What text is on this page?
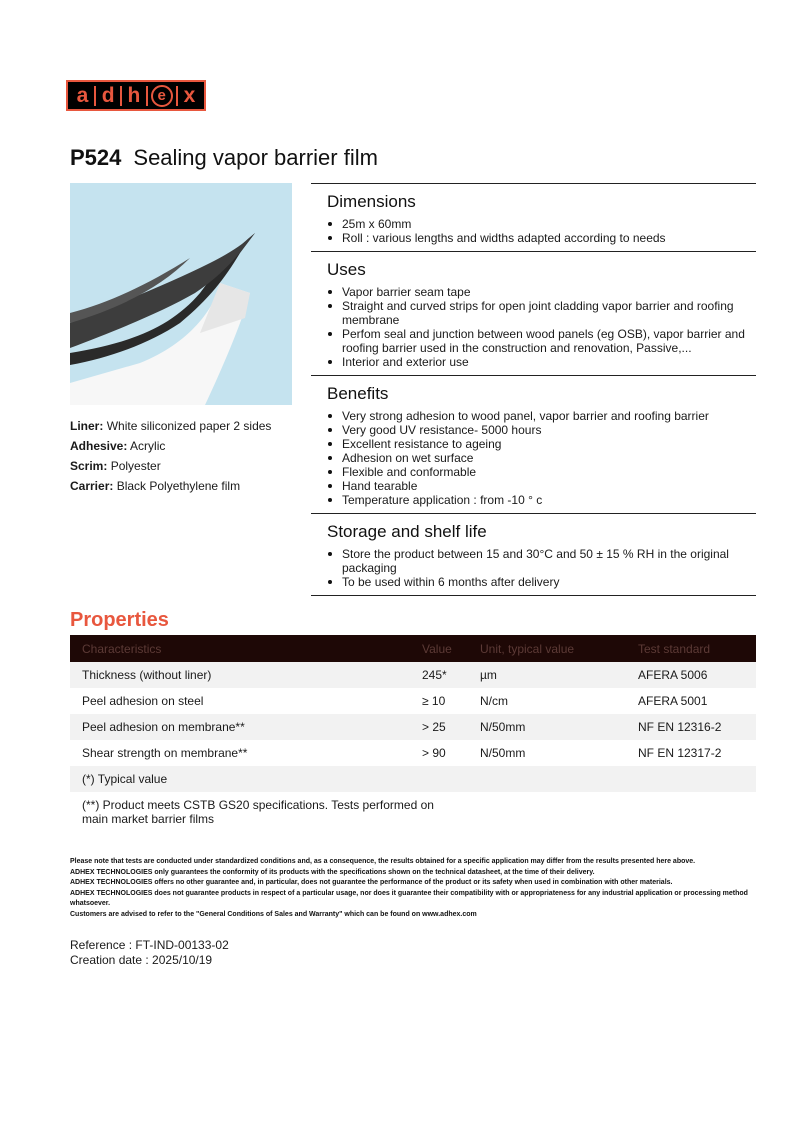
a d h	e x
P524 Sealing vapor barrier film
Liner: White siliconized paper 2 sides
Adhesive: Acrylic
Scrim: Polyester
Carrier: Black Polyethylene film
Dimensions
25m x 60mm
Roll : various lengths and widths adapted according to needs
Uses
Vapor barrier seam tape
Straight and curved strips for open joint cladding vapor barrier and roofing membrane
Perfom seal and junction between wood panels (eg OSB), vapor barrier and roofing barrier used in the construction and renovation, Passive,...
Interior and exterior use
Benefits
Very strong adhesion to wood panel, vapor barrier and roofing barrier
Very good UV resistance- 5000 hours
Excellent resistance to ageing
Adhesion on wet surface
Flexible and conformable
Hand tearable
Temperature application : from -10 ° c
Storage and shelf life
Store the product between 15 and 30°C and 50 ± 15 % RH in the original packaging
To be used within 6 months after delivery
Properties
Characteristics	Value	Unit, typical value	Test standard
Thickness (without liner)	245*	µm	AFERA 5006
Peel adhesion on steel	≥ 10	N/cm	AFERA 5001
Peel adhesion on membrane**	> 25	N/50mm	NF EN 12316-2
Shear strength on membrane**	> 90	N/50mm	NF EN 12317-2
(*) Typical value			
(**) Product meets CSTB GS20 specifications. Tests performed on main market barrier films			
Please note that tests are conducted under standardized conditions and, as a consequence, the results obtained for a specific application may differ from the results presented here above.
ADHEX TECHNOLOGIES only guarantees the conformity of its products with the specifications shown on the technical datasheet, at the time of their delivery.
ADHEX TECHNOLOGIES offers no other guarantee and, in particular, does not guarantee the performance of the product or its safety when used in combination with other materials.
ADHEX TECHNOLOGIES does not guarantee products in respect of a particular usage, nor does it guarantee their compatibility with or appropriateness for any industrial application or processing method whatsoever.
Customers are advised to refer to the "General Conditions of Sales and Warranty" which can be found on www.adhex.com
Reference : FT-IND-00133-02
Creation date : 2025/10/19
